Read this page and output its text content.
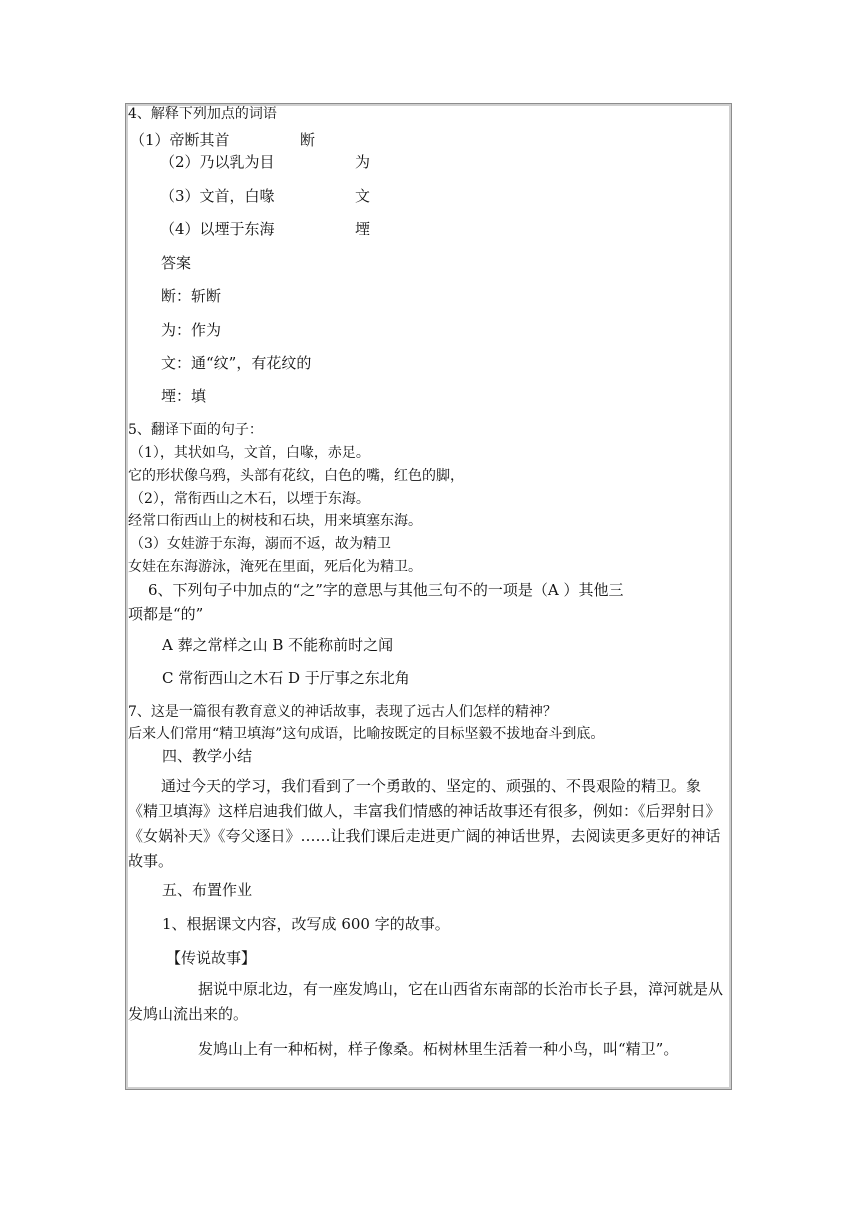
4、解释下列加点的词语
（1）帝断其首	断
（2）乃以乳为目	为
（3）文首，白喙	文
（4）以堙于东海	堙
答案
断：斩断
为：作为
文：通“纹”，有花纹的
堙：填
5、翻译下面的句子：
（1），其状如乌，文首，白喙，赤足。
它的形状像乌鸦，头部有花纹，白色的嘴，红色的脚，
（2），常衔西山之木石，以堙于东海。
经常口衔西山上的树枝和石块，用来填塞东海。
（3）女娃游于东海，溺而不返，故为精卫
女娃在东海游泳，淹死在里面，死后化为精卫。
6、下列句子中加点的“之”字的意思与其他三句不的一项是（A ）其他三
项都是“的”
A 葬之常样之山 B 不能称前时之闻
C 常衔西山之木石 D 于厅事之东北角
7、这是一篇很有教育意义的神话故事，表现了远古人们怎样的精神？
后来人们常用“精卫填海”这句成语，比喻按既定的目标坚毅不拔地奋斗到底。
四、教学小结
通过今天的学习，我们看到了一个勇敢的、坚定的、顽强的、不畏艰险的精卫。象《精卫填海》这样启迪我们做人，丰富我们情感的神话故事还有很多，例如：《后羿射日》《女娲补天》《夸父逐日》……让我们课后走进更广阔的神话世界，去阅读更多更好的神话故事。
五、布置作业
1、根据课文内容，改写成 600 字的故事。
【传说故事】
据说中原北边，有一座发鸠山，它在山西省东南部的长治市长子县，漳河就是从发鸠山流出来的。
发鸠山上有一种柘树，样子像桑。柘树林里生活着一种小鸟，叫“精卫”。
